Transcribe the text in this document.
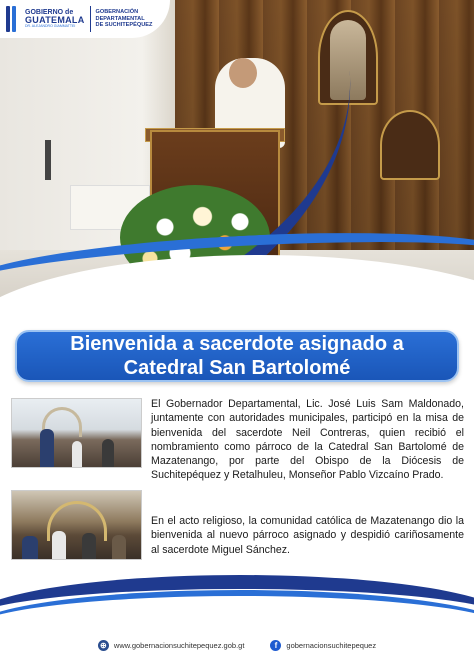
GOBIERNO de
GUATEMALA
DR. ALEJANDRO GIAMMATTEI
GOBERNACIÓN
DEPARTAMENTAL
DE SUCHITEPÉQUEZ
Bienvenida a sacerdote asignado a
Catedral San Bartolomé

El Gobernador Departamental, Lic. José Luis Sam Maldonado, juntamente con autoridades municipales, participó en la misa de bienvenida del sacerdote Neil Contreras, quien recibió el nombramiento como párroco de la Catedral San Bartolomé de Mazatenango, por parte del Obispo de la Diócesis de Suchitepéquez y Retalhuleu, Monseñor Pablo Vizcaíno Prado.

En el acto religioso, la comunidad católica de Mazatenango dio la bienvenida al nuevo párroco asignado y despidió cariñosamente al sacerdote Miguel Sánchez.

⊕ www.gobernacionsuchitepequez.gob.gt	f	gobernacionsuchitepequez
